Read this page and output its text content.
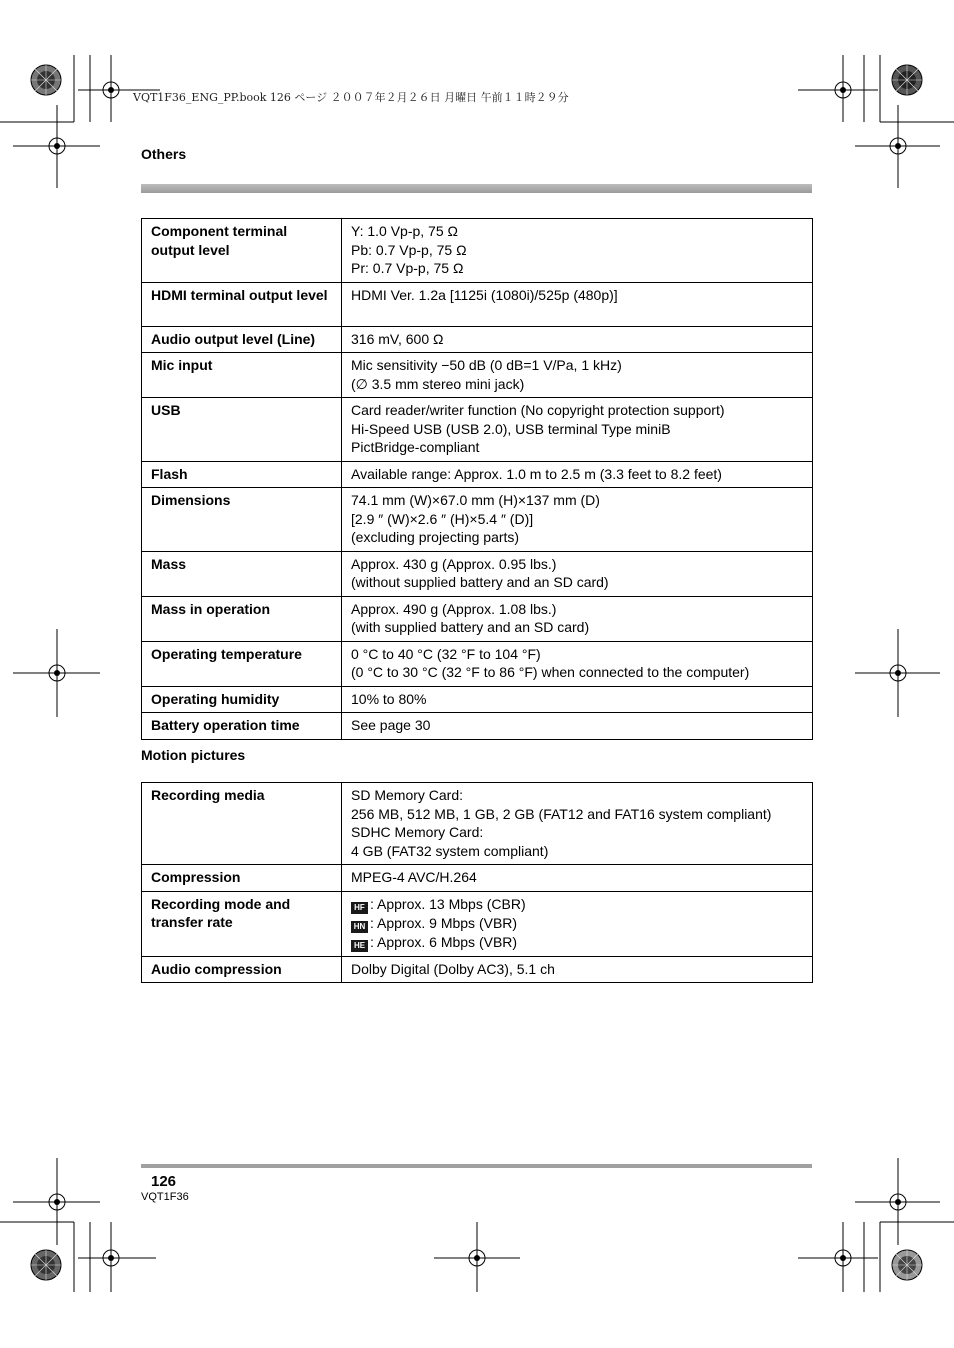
VQT1F36_ENG_PP.book 126 ページ ２００７年２月２６日 月曜日 午前１１時２９分
Others
Component terminal output level	Y: 1.0 Vp-p, 75 Ω
Pb: 0.7 Vp-p, 75 Ω
Pr: 0.7 Vp-p, 75 Ω
HDMI terminal output level	HDMI Ver. 1.2a [1125i (1080i)/525p (480p)]
Audio output level (Line)	316 mV, 600 Ω
Mic input	Mic sensitivity −50 dB (0 dB=1 V/Pa, 1 kHz)
(∅ 3.5 mm stereo mini jack)
USB	Card reader/writer function (No copyright protection support)
Hi-Speed USB (USB 2.0), USB terminal Type miniB
PictBridge-compliant
Flash	Available range: Approx. 1.0 m to 2.5 m (3.3 feet to 8.2 feet)
Dimensions	74.1 mm (W)×67.0 mm (H)×137 mm (D)
[2.9 ″ (W)×2.6 ″ (H)×5.4 ″ (D)]
(excluding projecting parts)
Mass	Approx. 430 g (Approx. 0.95 lbs.)
(without supplied battery and an SD card)
Mass in operation	Approx. 490 g (Approx. 1.08 lbs.)
(with supplied battery and an SD card)
Operating temperature	0 °C to 40 °C (32 °F to 104 °F)
(0 °C to 30 °C (32 °F to 86 °F) when connected to the computer)
Operating humidity	10% to 80%
Battery operation time	See page 30
Motion pictures
Recording media	SD Memory Card:
256 MB, 512 MB, 1 GB, 2 GB (FAT12 and FAT16 system compliant)
SDHC Memory Card:
4 GB (FAT32 system compliant)
Compression	MPEG-4 AVC/H.264
Recording mode and transfer rate	HF : Approx. 13 Mbps (CBR)
HN : Approx. 9 Mbps (VBR)
HE : Approx. 6 Mbps (VBR)

Audio compression	Dolby Digital (Dolby AC3), 5.1 ch
126
VQT1F36
